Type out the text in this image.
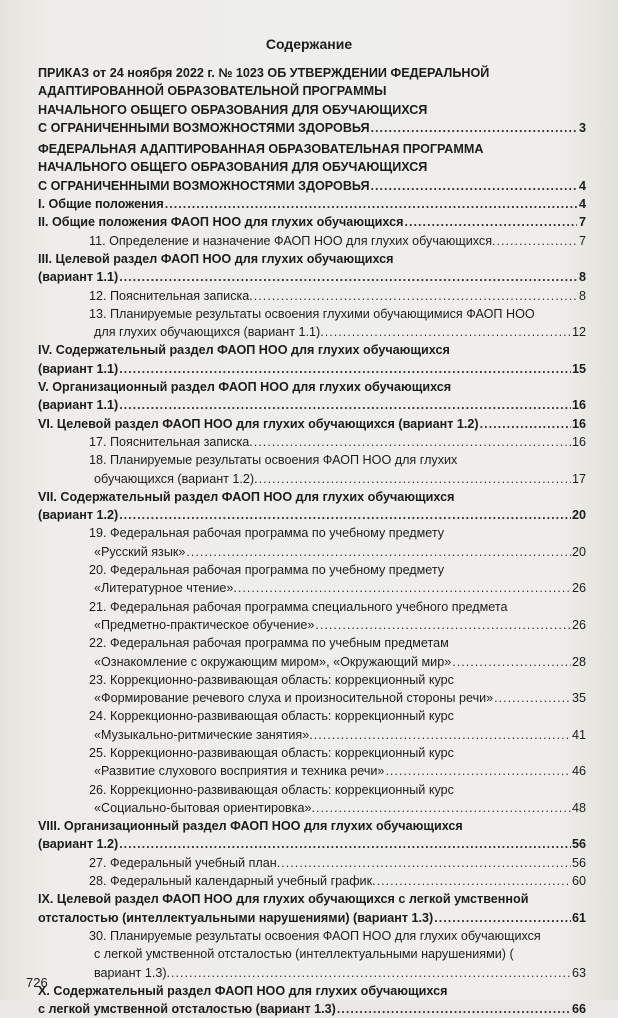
Содержание
ПРИКАЗ от 24 ноября 2022 г. № 1023 ОБ УТВЕРЖДЕНИИ ФЕДЕРАЛЬНОЙ
АДАПТИРОВАННОЙ ОБРАЗОВАТЕЛЬНОЙ ПРОГРАММЫ
НАЧАЛЬНОГО ОБЩЕГО ОБРАЗОВАНИЯ ДЛЯ ОБУЧАЮЩИХСЯ
С ОГРАНИЧЕННЫМИ ВОЗМОЖНОСТЯМИ ЗДОРОВЬЯ .....	3
ФЕДЕРАЛЬНАЯ АДАПТИРОВАННАЯ ОБРАЗОВАТЕЛЬНАЯ ПРОГРАММА
НАЧАЛЬНОГО ОБЩЕГО ОБРАЗОВАНИЯ ДЛЯ ОБУЧАЮЩИХСЯ
С ОГРАНИЧЕННЫМИ ВОЗМОЖНОСТЯМИ ЗДОРОВЬЯ .....	4
I. Общие положения .....	4
II. Общие положения ФАОП НОО для глухих обучающихся .....	7
11. Определение и назначение ФАОП НОО для глухих обучающихся. .....	7
III. Целевой раздел ФАОП НОО для глухих обучающихся
(вариант 1.1) .....	8
12. Пояснительная записка. .....	8
13. Планируемые результаты освоения глухими обучающимися ФАОП НОО
для глухих обучающихся (вариант 1.1). .....	12
IV. Содержательный раздел ФАОП НОО для глухих обучающихся
(вариант 1.1) .....	15
V. Организационный раздел ФАОП НОО для глухих обучающихся
(вариант 1.1) .....	16
VI. Целевой раздел ФАОП НОО для глухих обучающихся (вариант 1.2) .....	16
17. Пояснительная записка. .....	16
18. Планируемые результаты освоения ФАОП НОО для глухих
обучающихся (вариант 1.2). .....	17
VII. Содержательный раздел ФАОП НОО для глухих обучающихся
(вариант 1.2) .....	20
19. Федеральная рабочая программа по учебному предмету
«Русский язык» .....	20
20. Федеральная рабочая программа по учебному предмету
«Литературное чтение». .....	26
21. Федеральная рабочая программа специального учебного предмета
«Предметно-практическое обучение» .....	26
22. Федеральная рабочая программа по учебным предметам
«Ознакомление с окружающим миром», «Окружающий мир» .....	28
23. Коррекционно-развивающая область: коррекционный курс
«Формирование речевого слуха и произносительной стороны речи» .....	35
24. Коррекционно-развивающая область: коррекционный курс
«Музыкально-ритмические занятия». .....	41
25. Коррекционно-развивающая область: коррекционный курс
«Развитие слухового восприятия и техника речи» .....	46
26. Коррекционно-развивающая область: коррекционный курс
«Социально-бытовая ориентировка». .....	48
VIII. Организационный раздел ФАОП НОО для глухих обучающихся
(вариант 1.2) .....	56
27. Федеральный учебный план. .....	56
28. Федеральный календарный учебный график. .....	60
IX. Целевой раздел ФАОП НОО для глухих обучающихся с легкой умственной
отсталостью (интеллектуальными нарушениями) (вариант 1.3) .....	61
30. Планируемые результаты освоения ФАОП НОО для глухих обучающихся
с легкой умственной отсталостью (интеллектуальными нарушениями) (
вариант 1.3). .....	63
X. Содержательный раздел ФАОП НОО для глухих обучающихся
с легкой умственной отсталостью (вариант 1.3) .....	66
726
